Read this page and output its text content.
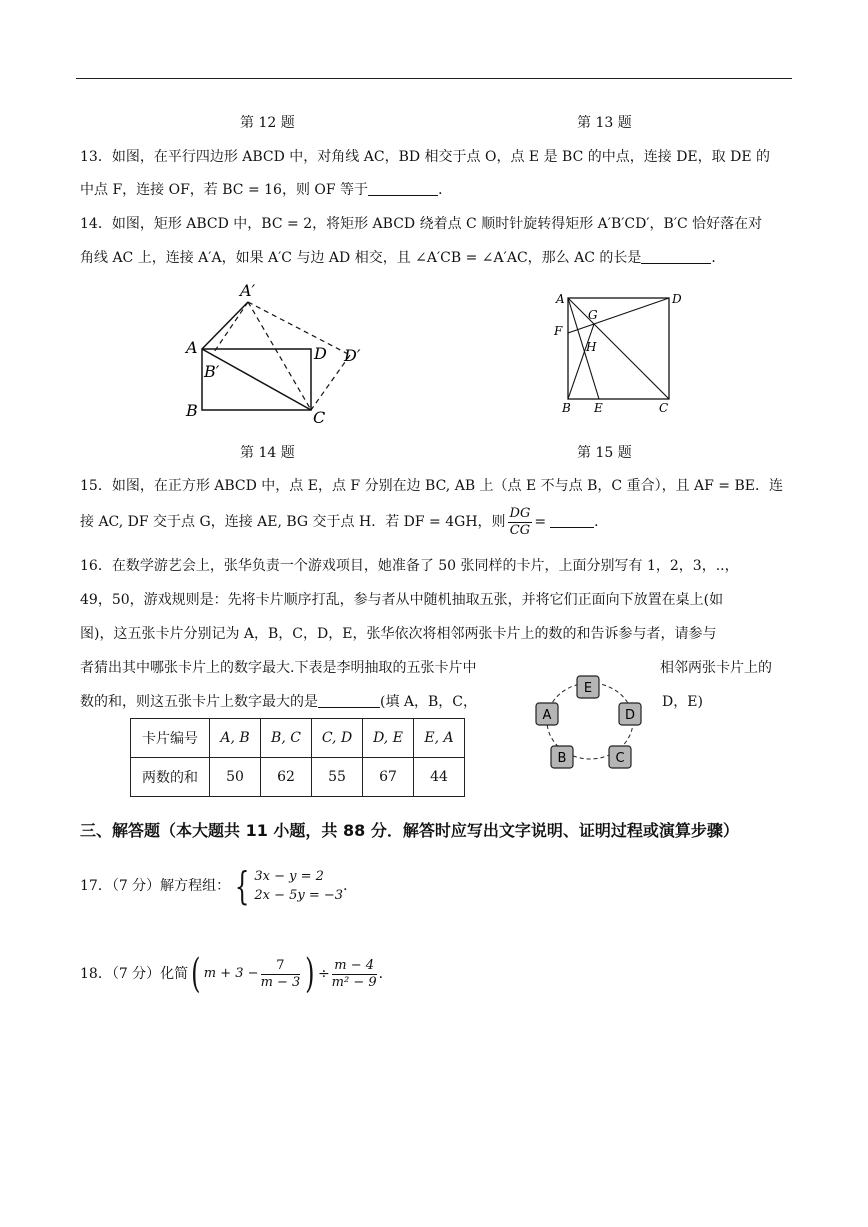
第 12 题	第 13 题
13．如图，在平行四边形 ABCD 中，对角线 AC，BD 相交于点 O，点 E 是 BC 的中点，连接 DE，取 DE 的
中点 F，连接 OF，若 BC = 16，则 OF 等于	．
14．如图，矩形 ABCD 中，BC = 2，将矩形 ABCD 绕着点 C 顺时针旋转得矩形 A′B′CD′，B′C 恰好落在对
角线 AC 上，连接 A′A，如果 A′C 与边 AD 相交，且 ∠A′CB = ∠A′AC，那么 AC 的长是	．
A′
A
B′
B	C
D D′
A	D
F
G
H
B E	C
第 14 题	第 15 题
15．如图，在正方形 ABCD 中，点 E，点 F 分别在边 BC, AB 上（点 E 不与点 B，C 重合），且 AF = BE．连
接 AC, DF 交于点 G，连接 AE, BG 交于点 H．若 DF = 4GH，则 $\frac{DG}{CG}$ =	．
16．在数学游艺会上，张华负责一个游戏项目，她准备了 50 张同样的卡片，上面分别写有 1，2，3，..，
49，50，游戏规则是：先将卡片顺序打乱，参与者从中随机抽取五张，并将它们正面向下放置在桌上(如
图)，这五张卡片分别记为 A，B，C，D，E，张华依次将相邻两张卡片上的数的和告诉参与者，请参与
者猜出其中哪张卡片上的数字最大.下表是李明抽取的五张卡片中	相邻两张卡片上的
数的和，则这五张卡片上数字最大的是	(填 A，B，C，	D，E)
E
A	D
B	C
卡片编号	A, B	B, C	C, D	D, E	E, A
两数的和	50	62	55	67	44
三、解答题（本大题共 11 小题，共 88 分．解答时应写出文字说明、证明过程或演算步骤）
17．（7 分）解方程组： { 3x − y = 2
2x − 5y = −3
．
18．（7 分）化简( $m + 3 - \frac{7}{m - 3}$ ) ÷ $\frac{m - 4}{\text{m² − 9}}$ ．
